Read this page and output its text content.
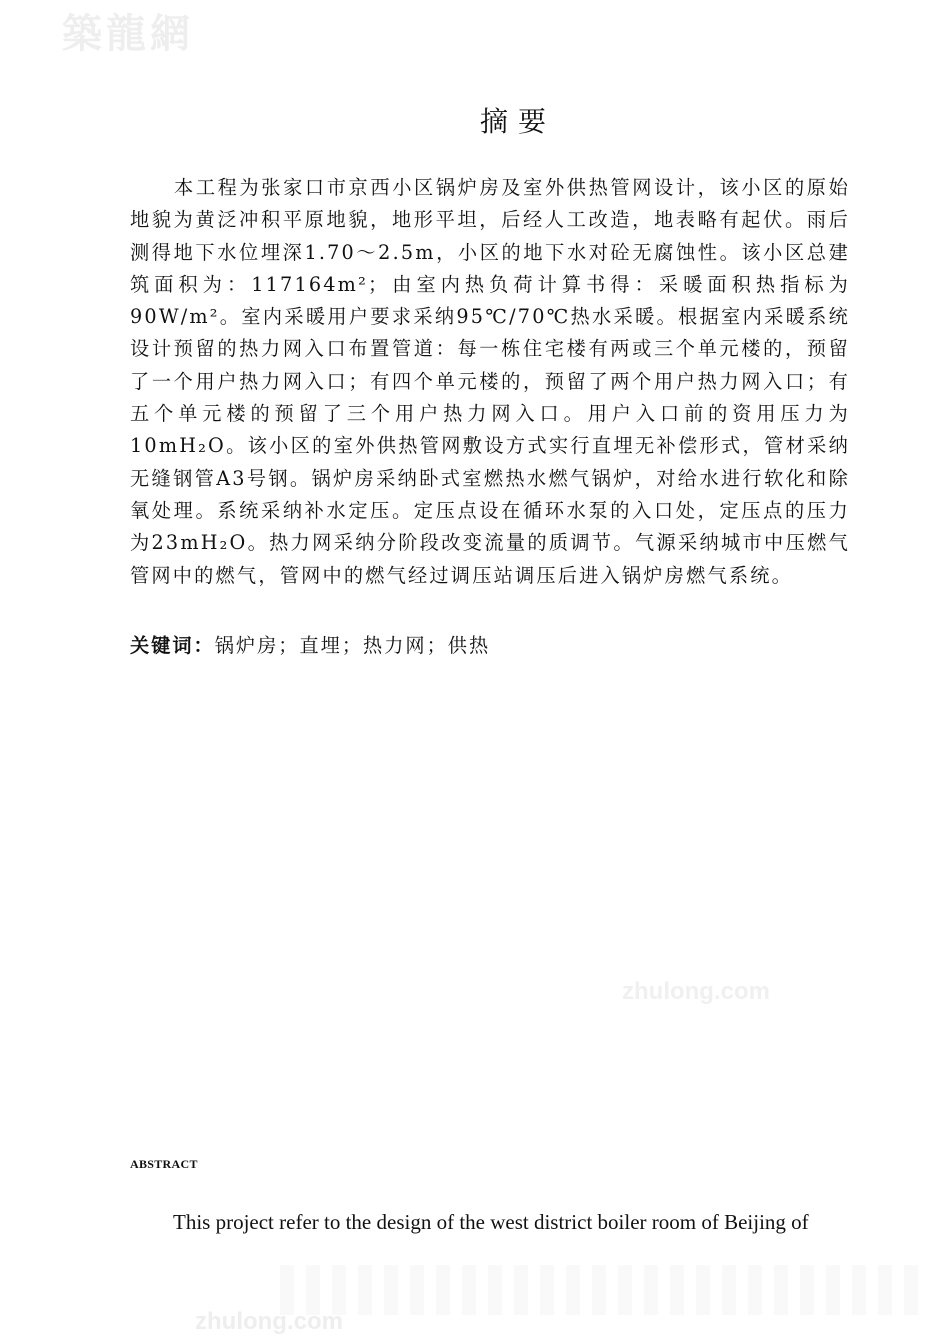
築龍網
zhulong.com
zhulong.com
摘要
本工程为张家口市京西小区锅炉房及室外供热管网设计，该小区的原始地貌为黄泛冲积平原地貌，地形平坦，后经人工改造，地表略有起伏。雨后测得地下水位埋深1.70～2.5m，小区的地下水对砼无腐蚀性。该小区总建筑面积为：117164m²；由室内热负荷计算书得：采暖面积热指标为90W/m²。室内采暖用户要求采纳95℃/70℃热水采暖。根据室内采暖系统设计预留的热力网入口布置管道：每一栋住宅楼有两或三个单元楼的，预留了一个用户热力网入口；有四个单元楼的，预留了两个用户热力网入口；有五个单元楼的预留了三个用户热力网入口。用户入口前的资用压力为10mH₂O。该小区的室外供热管网敷设方式实行直埋无补偿形式，管材采纳无缝钢管A3号钢。锅炉房采纳卧式室燃热水燃气锅炉，对给水进行软化和除氧处理。系统采纳补水定压。定压点设在循环水泵的入口处，定压点的压力为23mH₂O。热力网采纳分阶段改变流量的质调节。气源采纳城市中压燃气管网中的燃气，管网中的燃气经过调压站调压后进入锅炉房燃气系统。
关键词：锅炉房；直埋；热力网；供热
ABSTRACT
This project refer to the design of the west district boiler room of Beijing of
